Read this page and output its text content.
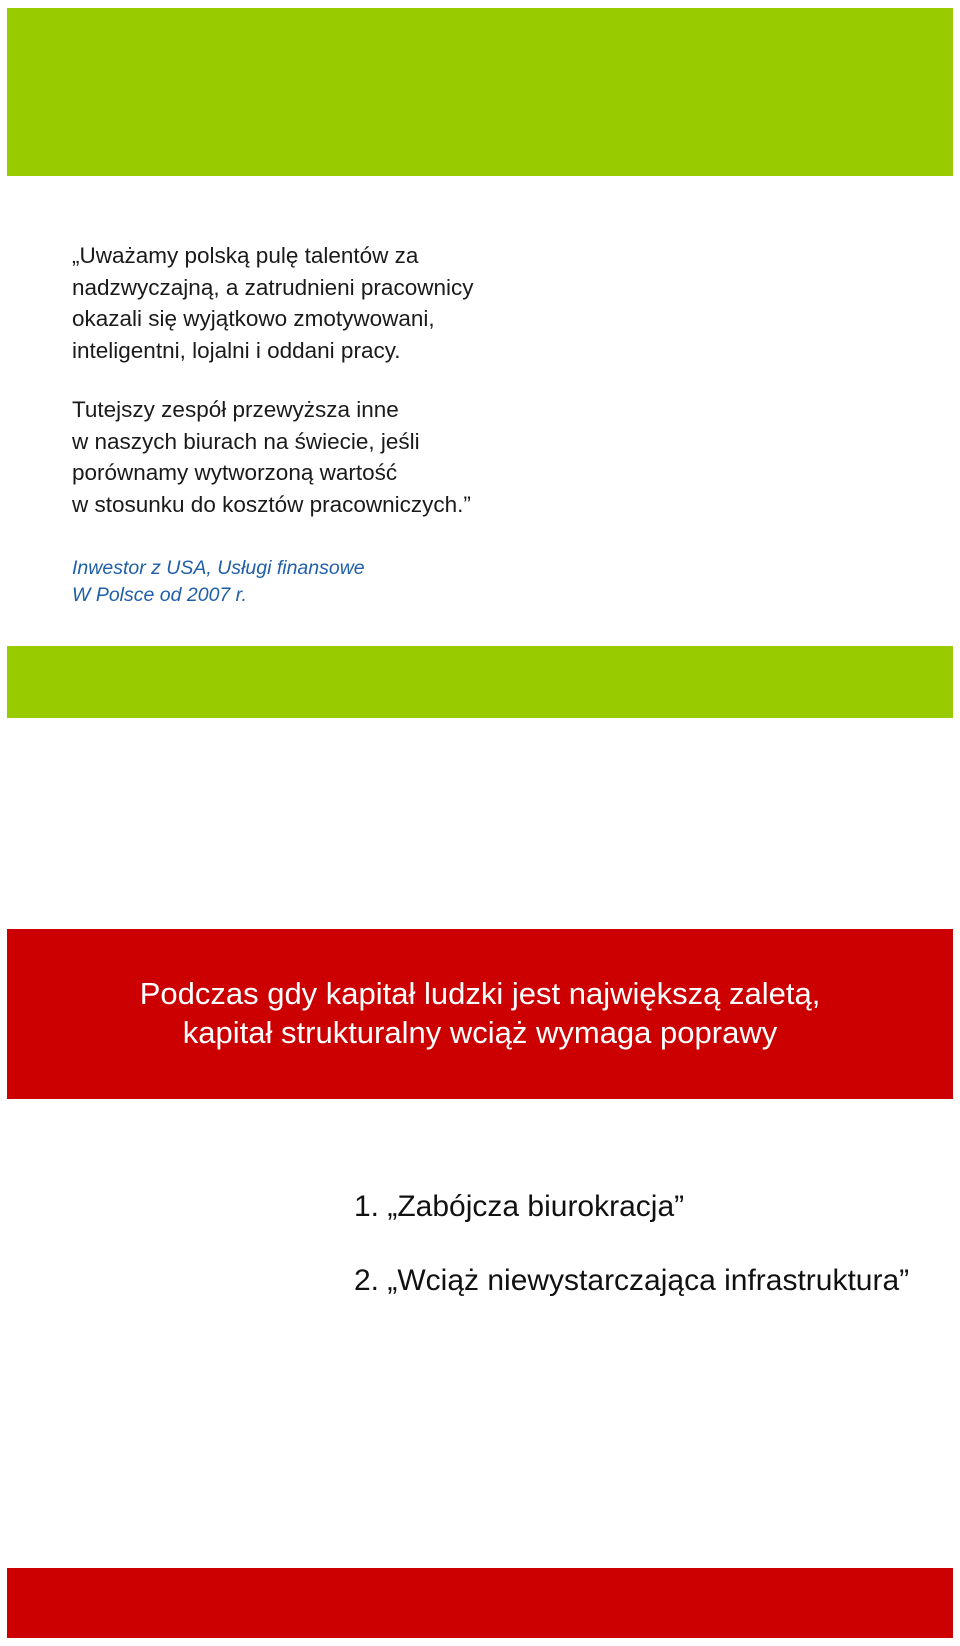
„Uważamy polską pulę talentów za
nadzwyczajną, a zatrudnieni pracownicy
okazali się wyjątkowo zmotywowani,
inteligentni, lojalni i oddani pracy.

Tutejszy zespół przewyższa inne
w naszych biurach na świecie, jeśli
porównamy wytworzoną wartość
w stosunku do kosztów pracowniczych.”

Inwestor z USA, Usługi finansowe
W Polsce od 2007 r.
Podczas gdy kapitał ludzki jest największą zaletą,
kapitał strukturalny wciąż wymaga poprawy
1. „Zabójcza biurokracja”
2. „Wciąż niewystarczająca infrastruktura”
